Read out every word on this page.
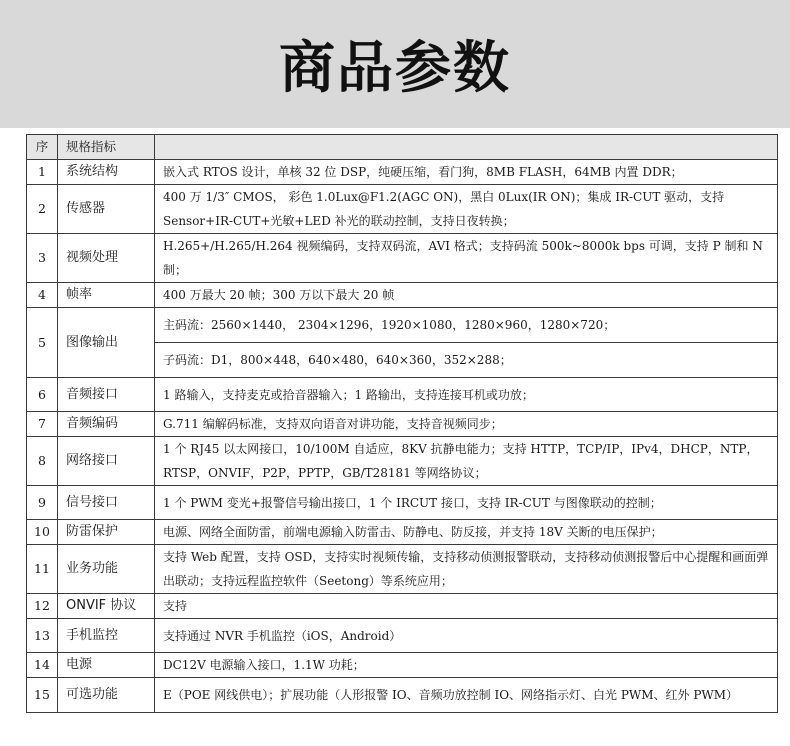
商品参数
序	规格指标	
1	系统结构	嵌入式 RTOS 设计，单核 32 位 DSP，纯硬压缩，看门狗，8MB FLASH，64MB 内置 DDR；
2	传感器	400 万 1/3″ CMOS， 彩色 1.0Lux@F1.2(AGC ON)，黑白 0Lux(IR ON)；集成 IR-CUT 驱动，支持 Sensor+IR-CUT+光敏+LED 补光的联动控制，支持日夜转换；
3	视频处理	H.265+/H.265/H.264 视频编码，支持双码流，AVI 格式；支持码流 500k~8000k bps 可调，支持 P 制和 N 制；
4	帧率	400 万最大 20 帧；300 万以下最大 20 帧
5	图像输出	主码流：2560×1440， 2304×1296，1920×1080，1280×960，1280×720；
		子码流：D1，800×448，640×480，640×360，352×288；
6	音频接口	1 路输入，支持麦克或拾音器输入；1 路输出，支持连接耳机或功放；
7	音频编码	G.711 编解码标准，支持双向语音对讲功能，支持音视频同步；
8	网络接口	1 个 RJ45 以太网接口，10/100M 自适应，8KV 抗静电能力；支持 HTTP，TCP/IP，IPv4，DHCP，NTP，RTSP，ONVIF，P2P，PPTP，GB/T28181 等网络协议；
9	信号接口	1 个 PWM 变光+报警信号输出接口，1 个 IRCUT 接口，支持 IR-CUT 与图像联动的控制；
10	防雷保护	电源、网络全面防雷，前端电源输入防雷击、防静电、防反接，并支持 18V 关断的电压保护；
11	业务功能	支持 Web 配置，支持 OSD，支持实时视频传输，支持移动侦测报警联动，支持移动侦测报警后中心提醒和画面弹出联动；支持远程监控软件（Seetong）等系统应用；
12	ONVIF 协议	支持
13	手机监控	支持通过 NVR 手机监控（iOS，Android）
14	电源	DC12V 电源输入接口，1.1W 功耗；
15	可选功能	E（POE 网线供电）；扩展功能（人形报警 IO、音频功放控制 IO、网络指示灯、白光 PWM、红外 PWM）
